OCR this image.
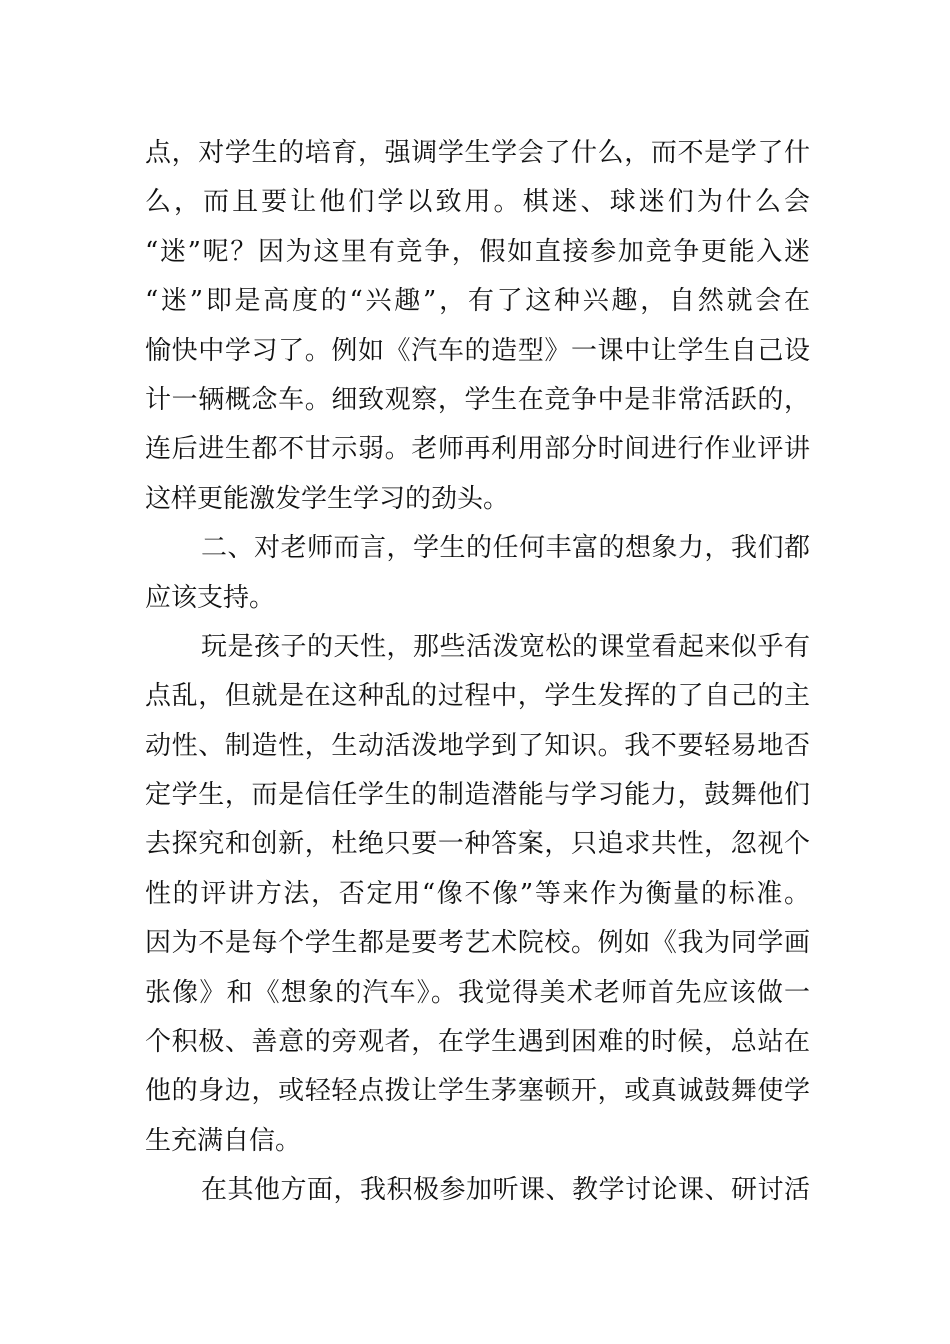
点，对学生的培育，强调学生学会了什么，而不是学了什
么，而且要让他们学以致用。棋迷、球迷们为什么会
“迷”呢？因为这里有竞争，假如直接参加竞争更能入迷
“迷”即是高度的“兴趣”，有了这种兴趣，自然就会在
愉快中学习了。例如《汽车的造型》一课中让学生自己设
计一辆概念车。细致观察，学生在竞争中是非常活跃的，
连后进生都不甘示弱。老师再利用部分时间进行作业评讲
这样更能激发学生学习的劲头。
二、对老师而言，学生的任何丰富的想象力，我们都
应该支持。
玩是孩子的天性，那些活泼宽松的课堂看起来似乎有
点乱，但就是在这种乱的过程中，学生发挥的了自己的主
动性、制造性，生动活泼地学到了知识。我不要轻易地否
定学生，而是信任学生的制造潜能与学习能力，鼓舞他们
去探究和创新，杜绝只要一种答案，只追求共性，忽视个
性的评讲方法，否定用“像不像”等来作为衡量的标准。
因为不是每个学生都是要考艺术院校。例如《我为同学画
张像》和《想象的汽车》。我觉得美术老师首先应该做一
个积极、善意的旁观者，在学生遇到困难的时候，总站在
他的身边，或轻轻点拨让学生茅塞顿开，或真诚鼓舞使学
生充满自信。
在其他方面，我积极参加听课、教学讨论课、研讨活
